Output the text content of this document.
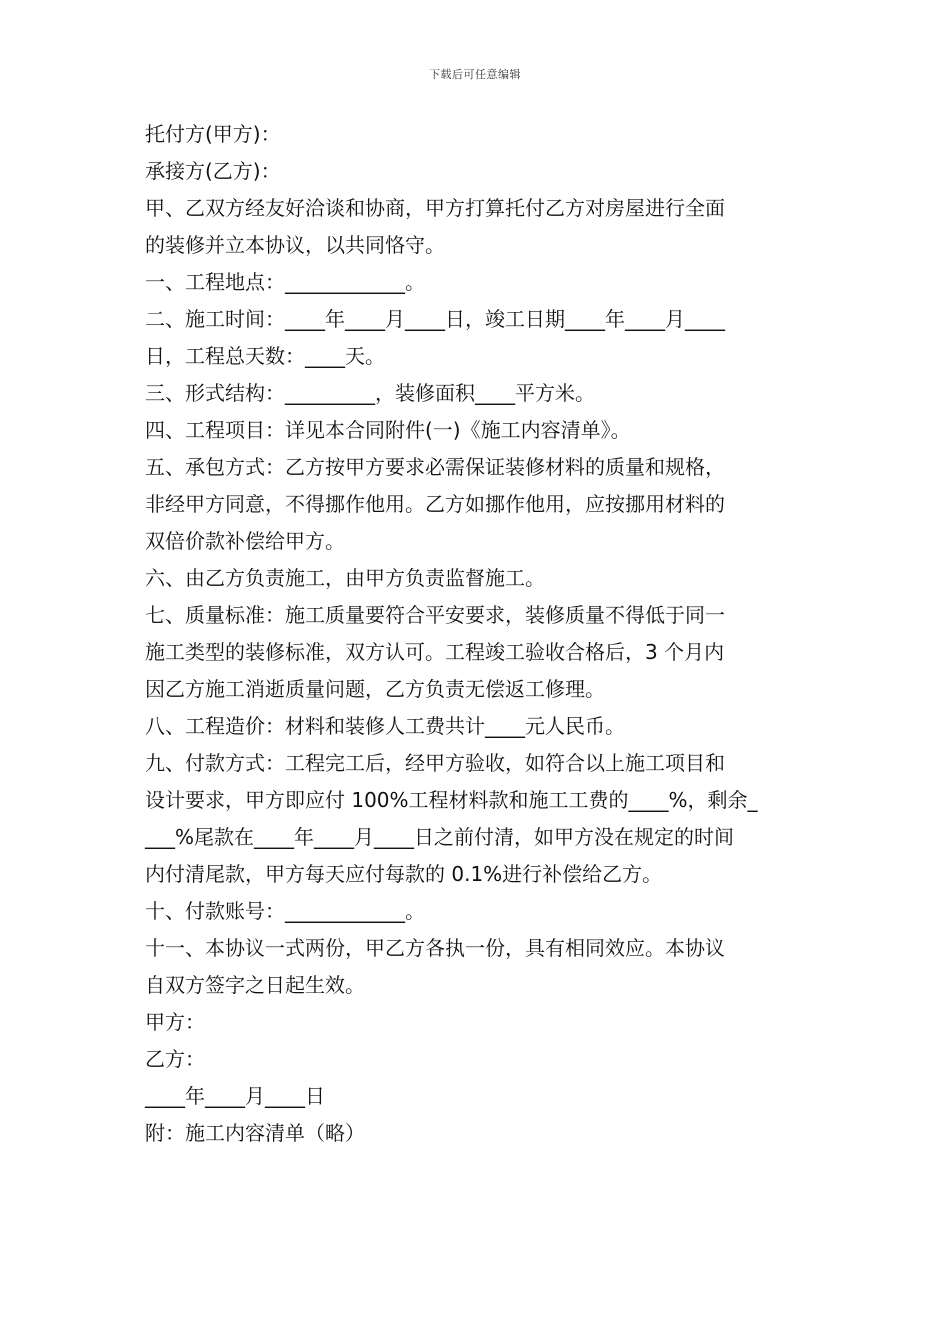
下载后可任意编辑
托付方(甲方)：
承接方(乙方)：
甲、乙双方经友好洽谈和协商，甲方打算托付乙方对房屋进行全面
的装修并立本协议，以共同恪守。
一、工程地点：____________。
二、施工时间：____年____月____日，竣工日期____年____月____
日，工程总天数：____天。
三、形式结构：_________，装修面积____平方米。
四、工程项目：详见本合同附件(一)《施工内容清单》。
五、承包方式：乙方按甲方要求必需保证装修材料的质量和规格，
非经甲方同意，不得挪作他用。乙方如挪作他用，应按挪用材料的
双倍价款补偿给甲方。
六、由乙方负责施工，由甲方负责监督施工。
七、质量标准：施工质量要符合平安要求，装修质量不得低于同一
施工类型的装修标准，双方认可。工程竣工验收合格后，3 个月内
因乙方施工消逝质量问题，乙方负责无偿返工修理。
八、工程造价：材料和装修人工费共计____元人民币。
九、付款方式：工程完工后，经甲方验收，如符合以上施工项目和
设计要求，甲方即应付 100%工程材料款和施工工费的____%，剩余_
___%尾款在____年____月____日之前付清，如甲方没在规定的时间
内付清尾款，甲方每天应付每款的 0.1%进行补偿给乙方。
十、付款账号：____________。
十一、本协议一式两份，甲乙方各执一份，具有相同效应。本协议
自双方签字之日起生效。
甲方：
乙方：
____年____月____日
附：施工内容清单（略）
